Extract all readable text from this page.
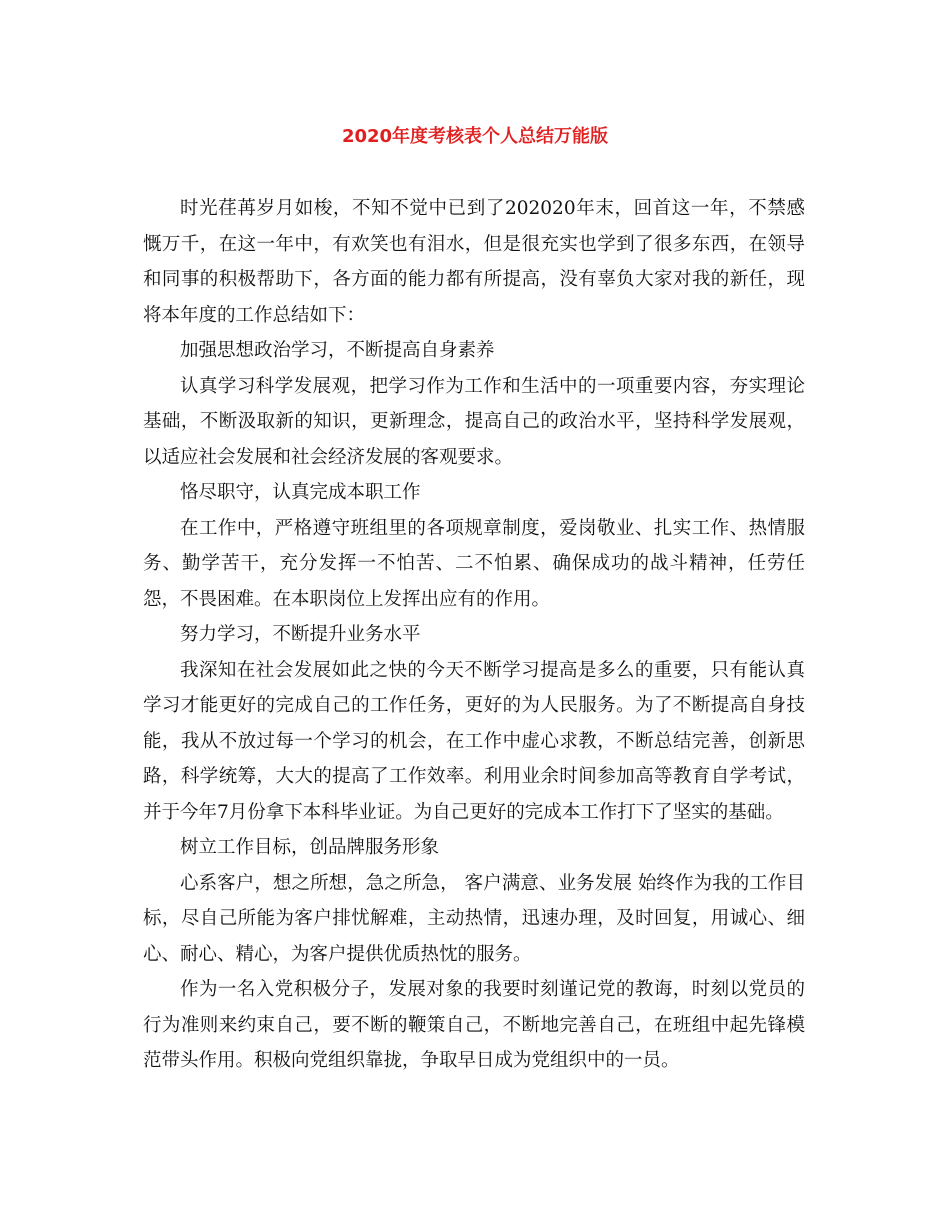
2020年度考核表个人总结万能版

时光荏苒岁月如梭，不知不觉中已到了202020年末，回首这一年，不禁感慨万千，在这一年中，有欢笑也有泪水，但是很充实也学到了很多东西，在领导和同事的积极帮助下，各方面的能力都有所提高，没有辜负大家对我的新任，现将本年度的工作总结如下：

加强思想政治学习，不断提高自身素养

认真学习科学发展观，把学习作为工作和生活中的一项重要内容，夯实理论基础，不断汲取新的知识，更新理念，提高自己的政治水平，坚持科学发展观，以适应社会发展和社会经济发展的客观要求。

恪尽职守，认真完成本职工作

在工作中，严格遵守班组里的各项规章制度，爱岗敬业、扎实工作、热情服务、勤学苦干，充分发挥一不怕苦、二不怕累、确保成功的战斗精神，任劳任怨，不畏困难。在本职岗位上发挥出应有的作用。

努力学习，不断提升业务水平

我深知在社会发展如此之快的今天不断学习提高是多么的重要，只有能认真学习才能更好的完成自己的工作任务，更好的为人民服务。为了不断提高自身技能，我从不放过每一个学习的机会，在工作中虚心求教，不断总结完善，创新思路，科学统筹，大大的提高了工作效率。利用业余时间参加高等教育自学考试，并于今年7月份拿下本科毕业证。为自己更好的完成本工作打下了坚实的基础。

树立工作目标，创品牌服务形象

心系客户，想之所想，急之所急， 客户满意、业务发展 始终作为我的工作目标，尽自己所能为客户排忧解难，主动热情，迅速办理，及时回复，用诚心、细心、耐心、精心，为客户提供优质热忱的服务。

作为一名入党积极分子，发展对象的我要时刻谨记党的教诲，时刻以党员的行为准则来约束自己，要不断的鞭策自己，不断地完善自己，在班组中起先锋模范带头作用。积极向党组织靠拢，争取早日成为党组织中的一员。
